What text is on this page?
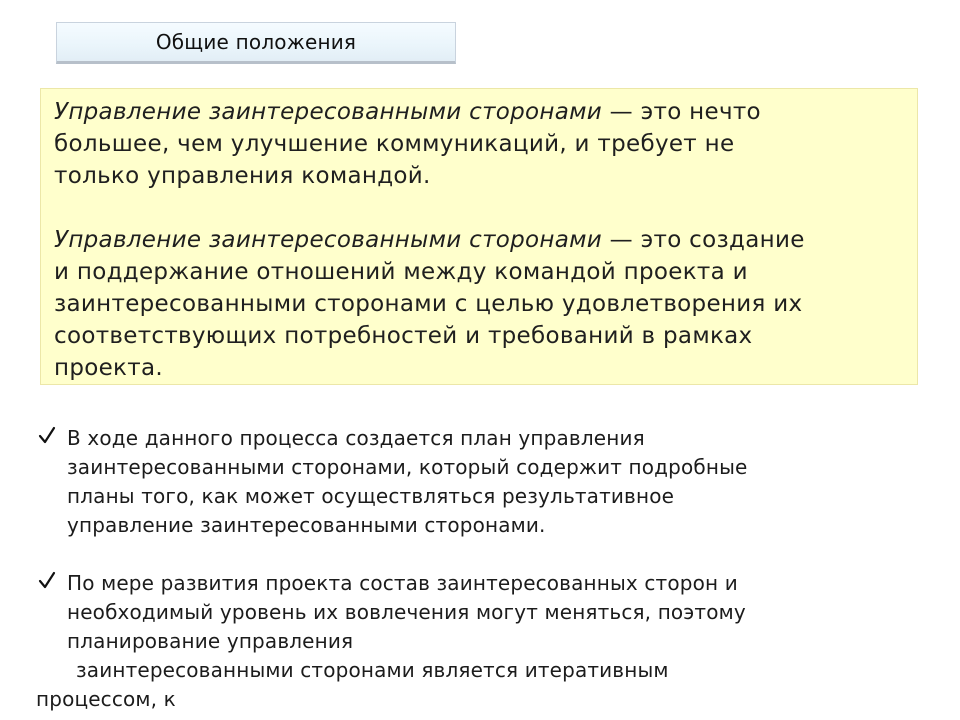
Общие положения

Управление заинтересованными сторонами — это нечто
большее, чем улучшение коммуникаций, и требует не
только управления командой.

Управление заинтересованными сторонами — это создание
и поддержание отношений между командой проекта и
заинтересованными сторонами с целью удовлетворения их
соответствующих потребностей и требований в рамках
проекта.

В ходе данного процесса создается план управления
заинтересованными сторонами, который содержит подробные
планы того, как может осуществляться результативное
управление заинтересованными сторонами.
По мере развития проекта состав заинтересованных сторон и
необходимый уровень их вовлечения могут меняться, поэтому
планирование управления
заинтересованными сторонами является итеративным
процессом, к
